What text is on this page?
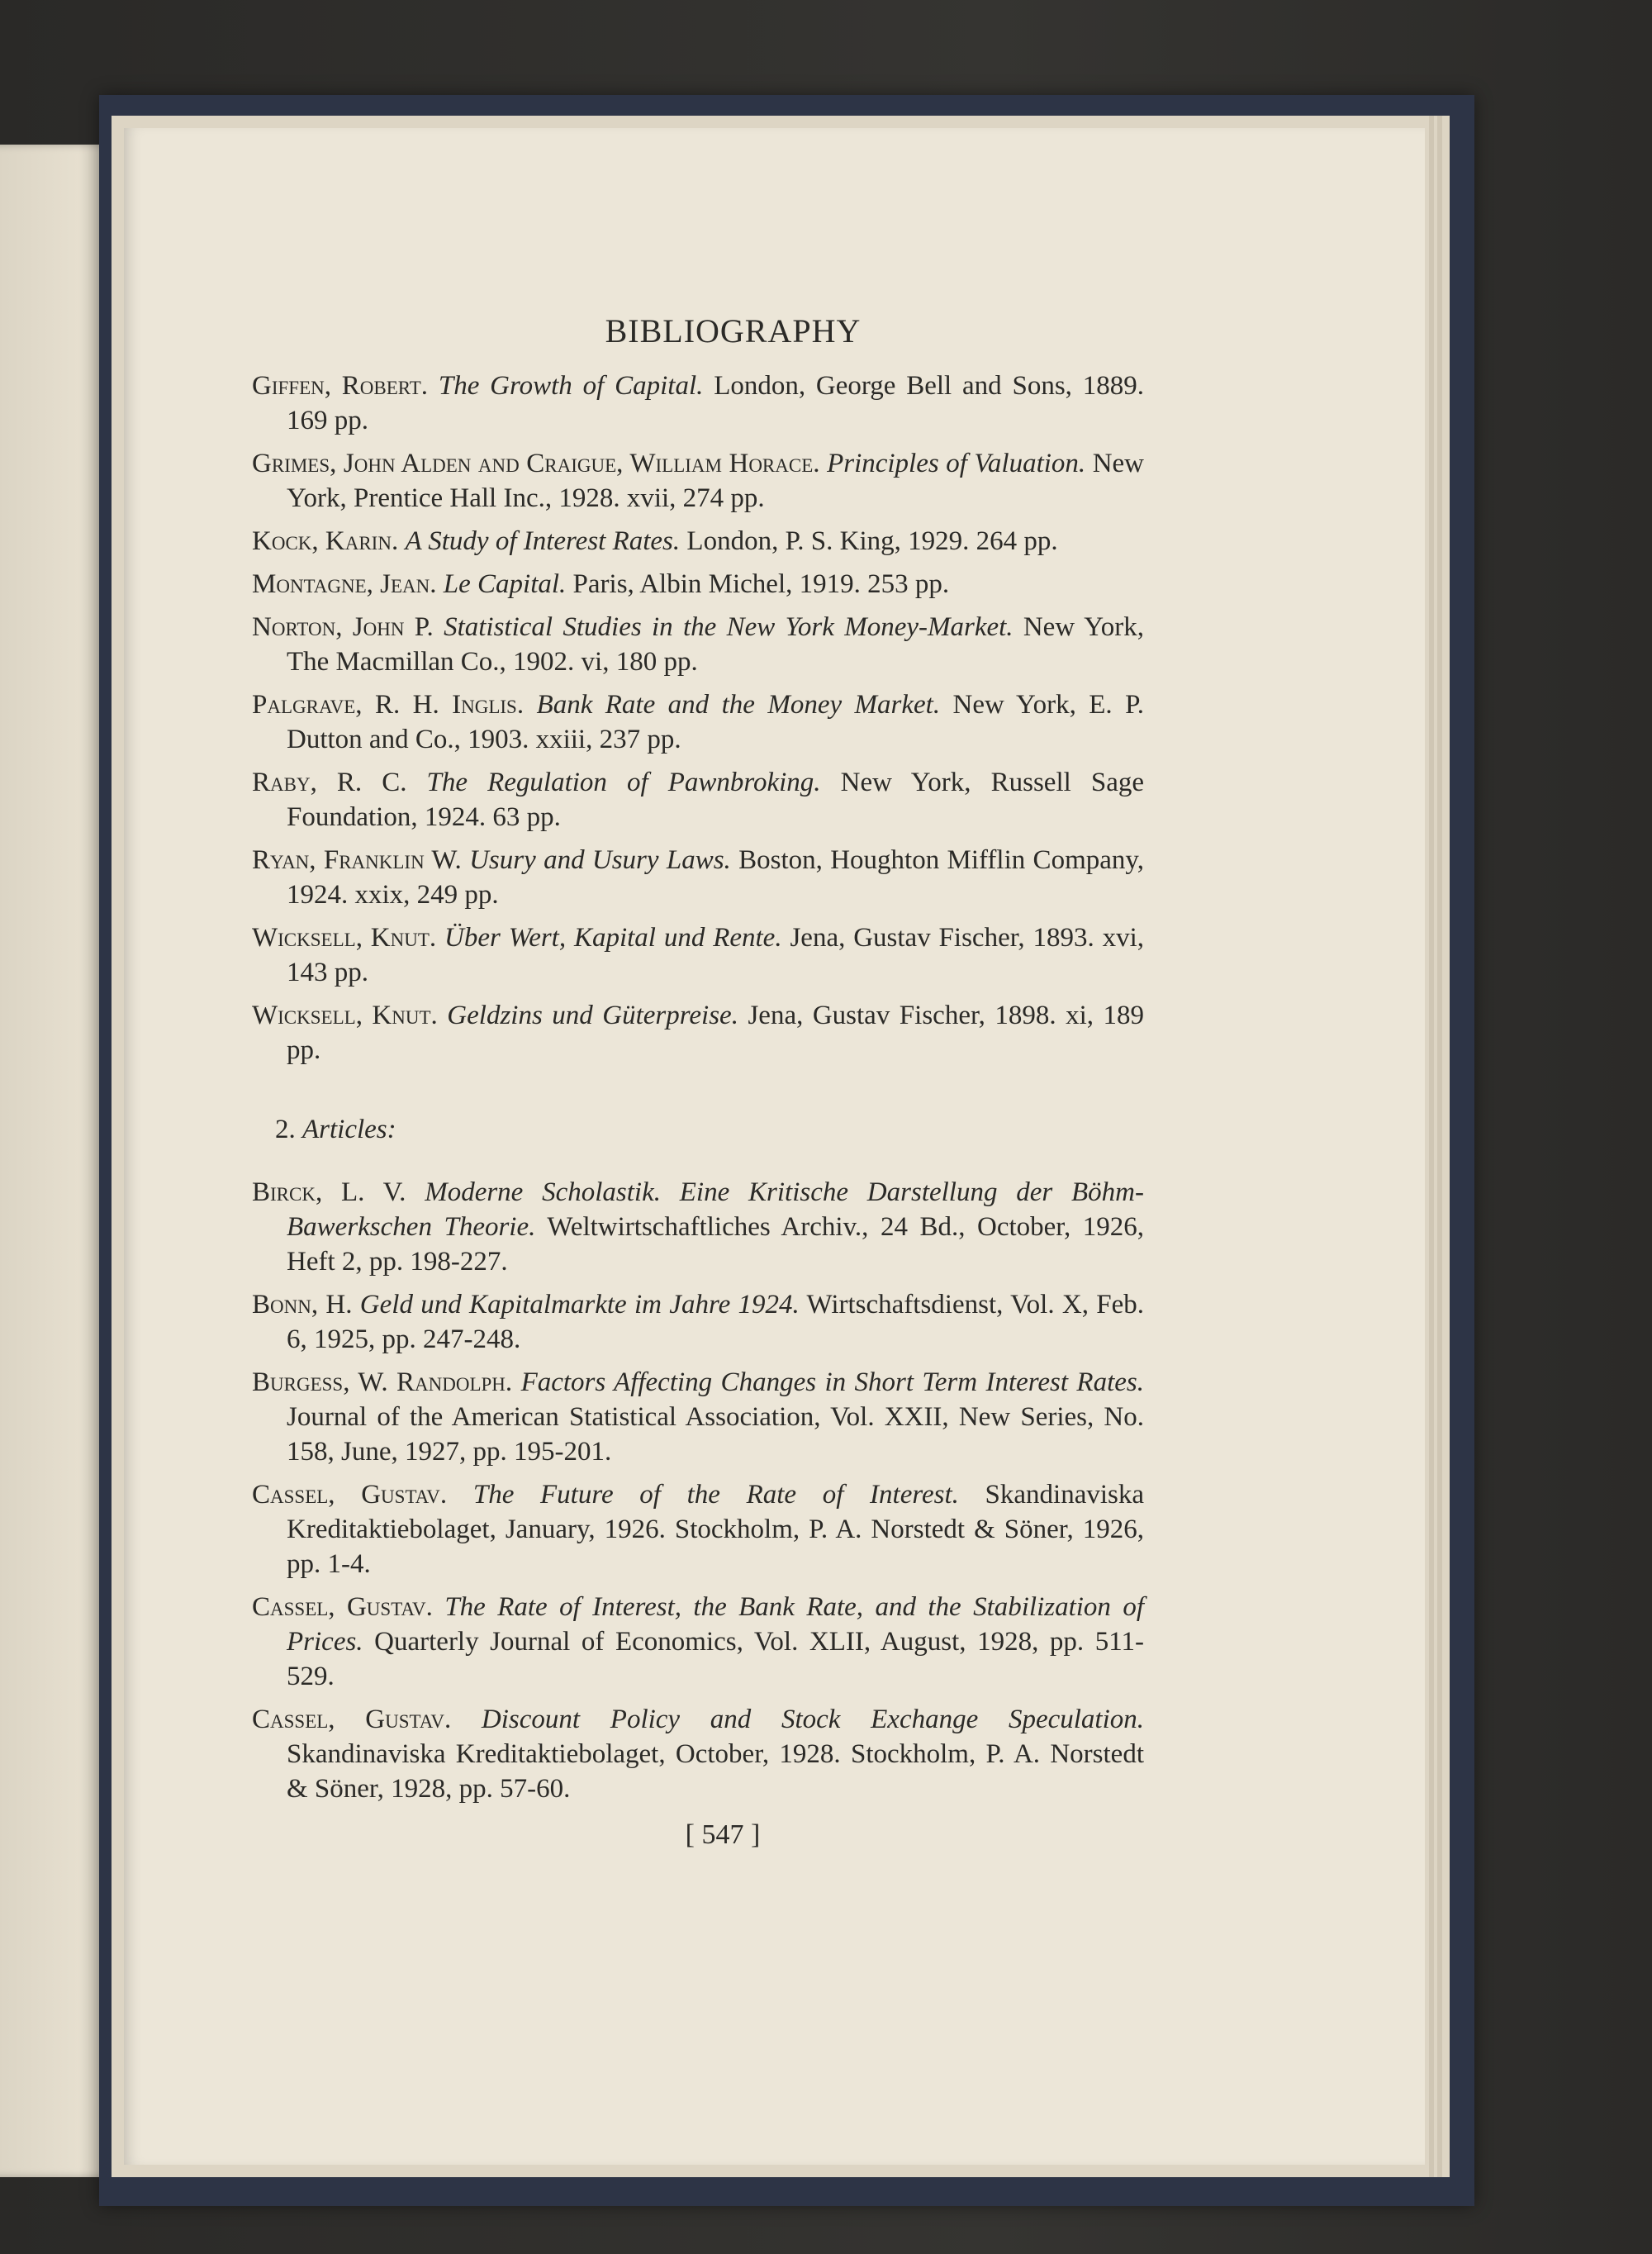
BIBLIOGRAPHY
Giffen, Robert. The Growth of Capital. London, George Bell and Sons, 1889. 169 pp.
Grimes, John Alden and Craigue, William Horace. Principles of Valuation. New York, Prentice Hall Inc., 1928. xvii, 274 pp.
Kock, Karin. A Study of Interest Rates. London, P. S. King, 1929. 264 pp.
Montagne, Jean. Le Capital. Paris, Albin Michel, 1919. 253 pp.
Norton, John P. Statistical Studies in the New York Money-Market. New York, The Macmillan Co., 1902. vi, 180 pp.
Palgrave, R. H. Inglis. Bank Rate and the Money Market. New York, E. P. Dutton and Co., 1903. xxiii, 237 pp.
Raby, R. C. The Regulation of Pawnbroking. New York, Russell Sage Foundation, 1924. 63 pp.
Ryan, Franklin W. Usury and Usury Laws. Boston, Houghton Mifflin Company, 1924. xxix, 249 pp.
Wicksell, Knut. Über Wert, Kapital und Rente. Jena, Gustav Fischer, 1893. xvi, 143 pp.
Wicksell, Knut. Geldzins und Güterpreise. Jena, Gustav Fischer, 1898. xi, 189 pp.
2. Articles:
Birck, L. V. Moderne Scholastik. Eine Kritische Darstellung der Böhm-Bawerkschen Theorie. Weltwirtschaftliches Archiv., 24 Bd., October, 1926, Heft 2, pp. 198-227.
Bonn, H. Geld und Kapitalmarkte im Jahre 1924. Wirtschaftsdienst, Vol. X, Feb. 6, 1925, pp. 247-248.
Burgess, W. Randolph. Factors Affecting Changes in Short Term Interest Rates. Journal of the American Statistical Association, Vol. XXII, New Series, No. 158, June, 1927, pp. 195-201.
Cassel, Gustav. The Future of the Rate of Interest. Skandinaviska Kreditaktiebolaget, January, 1926. Stockholm, P. A. Norstedt & Söner, 1926, pp. 1-4.
Cassel, Gustav. The Rate of Interest, the Bank Rate, and the Stabilization of Prices. Quarterly Journal of Economics, Vol. XLII, August, 1928, pp. 511-529.
Cassel, Gustav. Discount Policy and Stock Exchange Speculation. Skandinaviska Kreditaktiebolaget, October, 1928. Stockholm, P. A. Norstedt & Söner, 1928, pp. 57-60.
[ 547 ]
